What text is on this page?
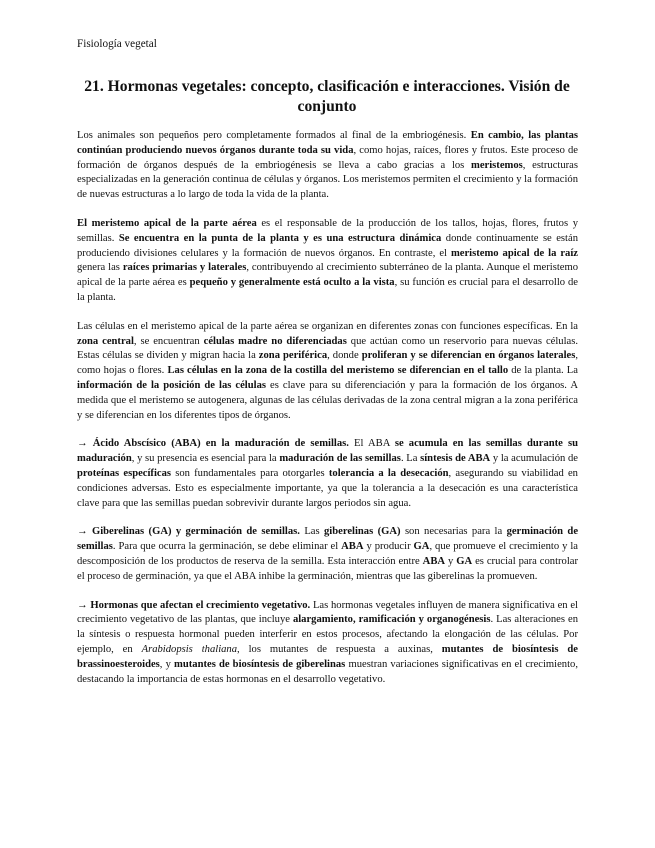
Fisiología vegetal
21. Hormonas vegetales: concepto, clasificación e interacciones. Visión de conjunto

Los animales son pequeños pero completamente formados al final de la embriogénesis. En cambio, las plantas continúan produciendo nuevos órganos durante toda su vida, como hojas, raíces, flores y frutos. Este proceso de formación de órganos después de la embriogénesis se lleva a cabo gracias a los meristemos, estructuras especializadas en la generación continua de células y órganos. Los meristemos permiten el crecimiento y la formación de nuevas estructuras a lo largo de toda la vida de la planta.

El meristemo apical de la parte aérea es el responsable de la producción de los tallos, hojas, flores, frutos y semillas. Se encuentra en la punta de la planta y es una estructura dinámica donde continuamente se están produciendo divisiones celulares y la formación de nuevos órganos. En contraste, el meristemo apical de la raíz genera las raíces primarias y laterales, contribuyendo al crecimiento subterráneo de la planta. Aunque el meristemo apical de la parte aérea es pequeño y generalmente está oculto a la vista, su función es crucial para el desarrollo de la planta.

Las células en el meristemo apical de la parte aérea se organizan en diferentes zonas con funciones específicas. En la zona central, se encuentran células madre no diferenciadas que actúan como un reservorio para nuevas células. Estas células se dividen y migran hacia la zona periférica, donde proliferan y se diferencian en órganos laterales, como hojas o flores. Las células en la zona de la costilla del meristemo se diferencian en el tallo de la planta. La información de la posición de las células es clave para su diferenciación y para la formación de los órganos. A medida que el meristemo se autogenera, algunas de las células derivadas de la zona central migran a la zona periférica y se diferencian en los diferentes tipos de órganos.

→ Ácido Abscísico (ABA) en la maduración de semillas. El ABA se acumula en las semillas durante su maduración, y su presencia es esencial para la maduración de las semillas. La síntesis de ABA y la acumulación de proteínas específicas son fundamentales para otorgarles tolerancia a la desecación, asegurando su viabilidad en condiciones adversas. Esto es especialmente importante, ya que la tolerancia a la desecación es una característica clave para que las semillas puedan sobrevivir durante largos periodos sin agua.

→ Giberelinas (GA) y germinación de semillas. Las giberelinas (GA) son necesarias para la germinación de semillas. Para que ocurra la germinación, se debe eliminar el ABA y producir GA, que promueve el crecimiento y la descomposición de los productos de reserva de la semilla. Esta interacción entre ABA y GA es crucial para controlar el proceso de germinación, ya que el ABA inhibe la germinación, mientras que las giberelinas la promueven.

→ Hormonas que afectan el crecimiento vegetativo. Las hormonas vegetales influyen de manera significativa en el crecimiento vegetativo de las plantas, que incluye alargamiento, ramificación y organogénesis. Las alteraciones en la síntesis o respuesta hormonal pueden interferir en estos procesos, afectando la elongación de las células. Por ejemplo, en Arabidopsis thaliana, los mutantes de respuesta a auxinas, mutantes de biosíntesis de brassinoesteroides, y mutantes de biosíntesis de giberelinas muestran variaciones significativas en el crecimiento, destacando la importancia de estas hormonas en el desarrollo vegetativo.
